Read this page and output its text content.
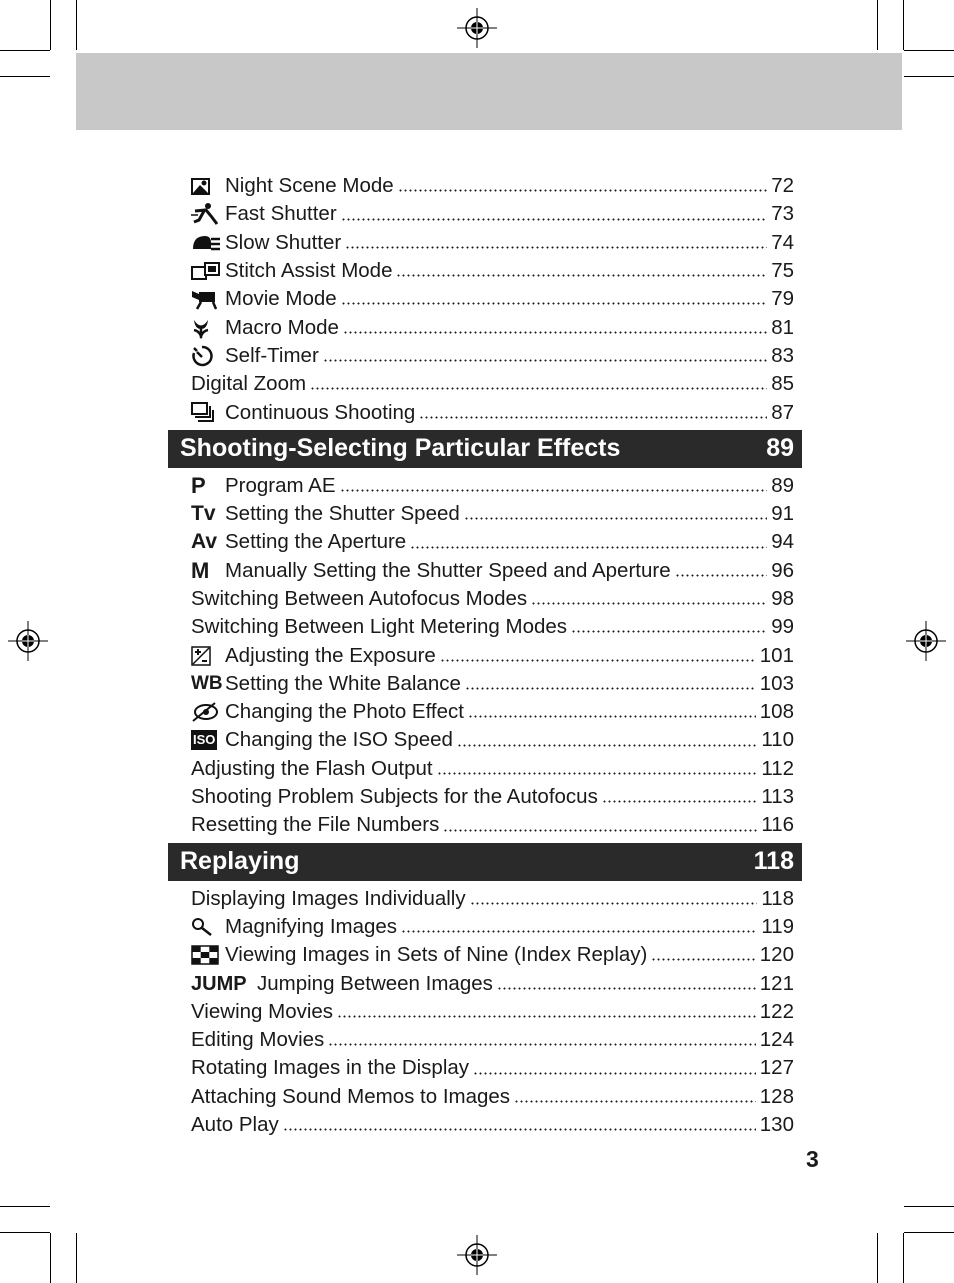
Night Scene Mode	72
Fast Shutter	73
Slow Shutter	74
Stitch Assist Mode	75
Movie Mode	79
Macro Mode	81
Self-Timer	83
Digital Zoom	85
Continuous Shooting	87
Shooting-Selecting Particular Effects	89
P Program AE	89
Tv Setting the Shutter Speed	91
Av Setting the Aperture	94
M Manually Setting the Shutter Speed and Aperture	96
Switching Between Autofocus Modes	98
Switching Between Light Metering Modes	99
Adjusting the Exposure	101
WB Setting the White Balance	103
Changing the Photo Effect	108
ISO Changing the ISO Speed	110
Adjusting the Flash Output	112
Shooting Problem Subjects for the Autofocus	113
Resetting the File Numbers	116
Replaying	118
Displaying Images Individually	118
Magnifying Images	119
Viewing Images in Sets of Nine (Index Replay)	120
JUMP Jumping Between Images	121
Viewing Movies	122
Editing Movies	124
Rotating Images in the Display	127
Attaching Sound Memos to Images	128
Auto Play	130
3
